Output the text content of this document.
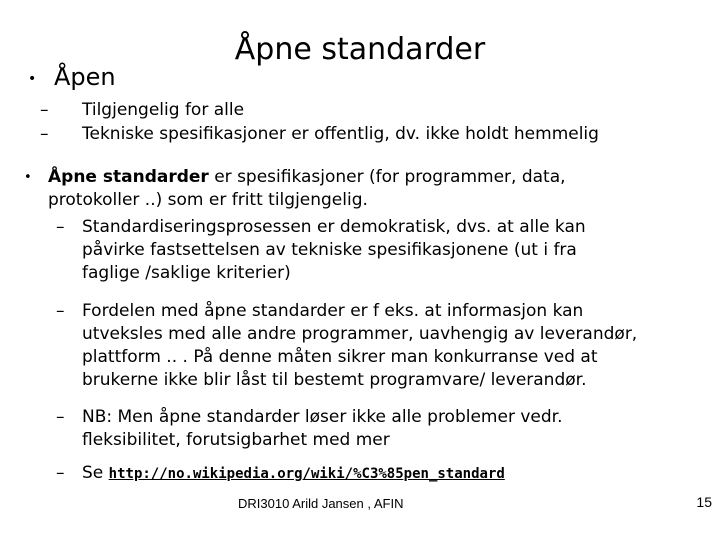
Åpne standarder
• Åpen
– Tilgjengelig for alle
– Tekniske spesifikasjoner er offentlig, dv. ikke holdt hemmelig
• Åpne standarder er spesifikasjoner (for programmer, data,
protokoller ..) som er fritt tilgjengelig.
– Standardiseringsprosessen er demokratisk, dvs. at alle kan
påvirke fastsettelsen av tekniske spesifikasjonene (ut i fra
faglige /saklige kriterier)
– Fordelen med åpne standarder er f eks. at informasjon kan
utveksles med alle andre programmer, uavhengig av leverandør,
plattform .. . På denne måten sikrer man konkurranse ved at
brukerne ikke blir låst til bestemt programvare/ leverandør.
– NB: Men åpne standarder løser ikke alle problemer vedr.
fleksibilitet, forutsigbarhet med mer
– Se http://no.wikipedia.org/wiki/%C3%85pen_standard
DRI3010 Arild Jansen , AFIN	15
